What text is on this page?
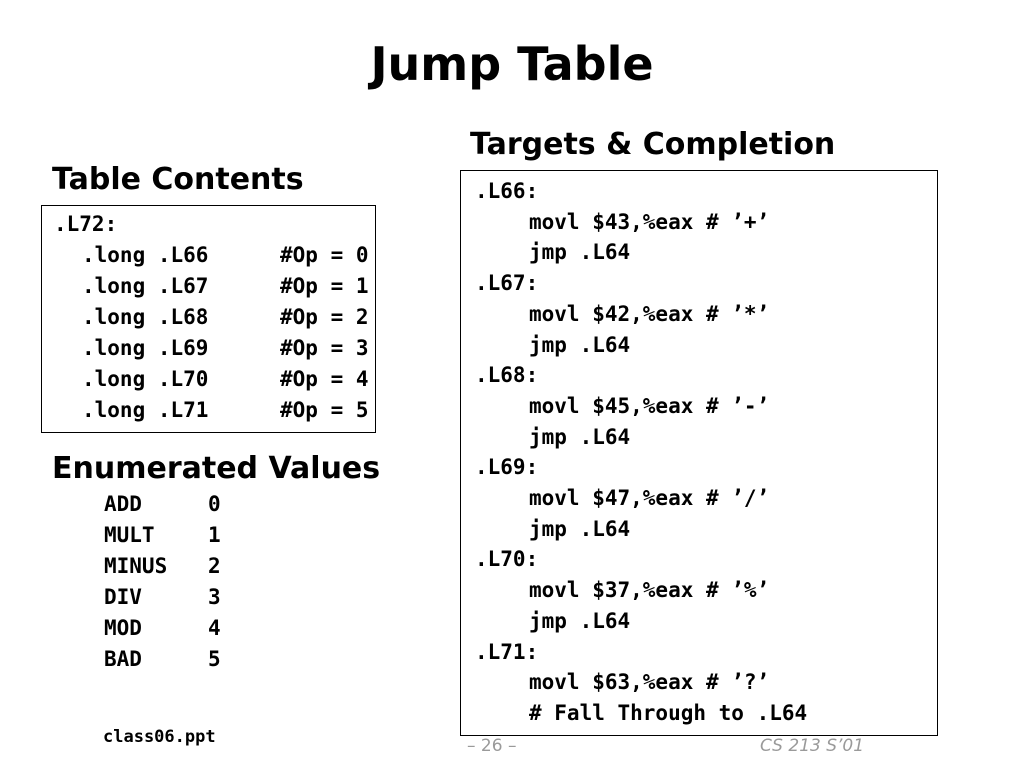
Jump Table
Table Contents
.L72:
.long .L66	#Op = 0
.long .L67	#Op = 1
.long .L68	#Op = 2
.long .L69	#Op = 3
.long .L70	#Op = 4
.long .L71	#Op = 5
Enumerated Values
ADD	0
MULT	1
MINUS	2
DIV	3
MOD	4
BAD	5
Targets & Completion
.L66:
movl $43,%eax # ’+’
jmp .L64
.L67:
movl $42,%eax # ’*’
jmp .L64
.L68:
movl $45,%eax # ’-’
jmp .L64
.L69:
movl $47,%eax # ’/’
jmp .L64
.L70:
movl $37,%eax # ’%’
jmp .L64
.L71:
movl $63,%eax # ’?’
# Fall Through to .L64
class06.ppt	– 26 –	CS 213 S’01
